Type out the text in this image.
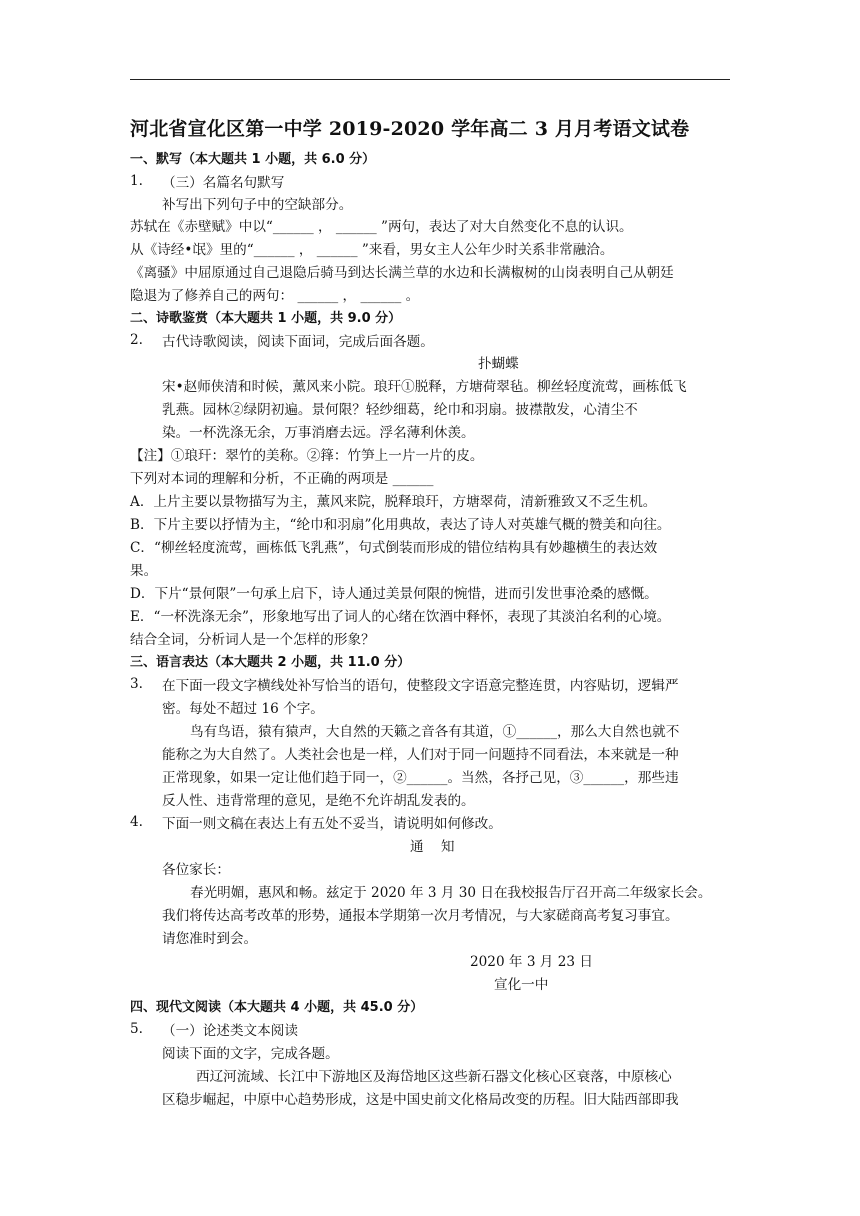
河北省宣化区第一中学 2019-2020 学年高二 3 月月考语文试卷
一、默写（本大题共 1 小题，共 6.0 分）
1. （三）名篇名句默写
补写出下列句子中的空缺部分。
苏轼在《赤壁赋》中以“______ ， ______ ”两句，表达了对大自然变化不息的认识。
从《诗经•氓》里的“______ ， ______ ”来看，男女主人公年少时关系非常融洽。
《离骚》中屈原通过自己退隐后骑马到达长满兰草的水边和长满椒树的山岗表明自己从朝廷
隐退为了修养自己的两句： ______ ， ______ 。
二、诗歌鉴赏（本大题共 1 小题，共 9.0 分）
2. 古代诗歌阅读，阅读下面词，完成后面各题。
扑蝴蝶
宋•赵师侠清和时候，薰风来小院。琅玕①脱释，方塘荷翠毡。柳丝轻度流莺，画栋低飞
乳燕。园林②绿阴初遍。景何限？轻纱细葛，纶巾和羽扇。披襟散发，心清尘不
染。一杯洗涤无余，万事消磨去远。浮名薄利休羡。
【注】①琅玕：翠竹的美称。②箨：竹笋上一片一片的皮。
下列对本词的理解和分析，不正确的两项是 ______
A．上片主要以景物描写为主，薰风来院，脱释琅玕，方塘翠荷，清新雅致又不乏生机。
B．下片主要以抒情为主，“纶巾和羽扇”化用典故，表达了诗人对英雄气概的赞美和向往。
C．“柳丝轻度流莺，画栋低飞乳燕”，句式倒装而形成的错位结构具有妙趣横生的表达效
果。
D．下片“景何限”一句承上启下，诗人通过美景何限的惋惜，进而引发世事沧桑的感慨。
E．“一杯洗涤无余”，形象地写出了词人的心绪在饮酒中释怀，表现了其淡泊名利的心境。
结合全词，分析词人是一个怎样的形象？
三、语言表达（本大题共 2 小题，共 11.0 分）
3. 在下面一段文字横线处补写恰当的语句，使整段文字语意完整连贯，内容贴切，逻辑严
密。每处不超过 16 个字。
鸟有鸟语，猿有猿声，大自然的天籁之音各有其道，①______，那么大自然也就不
能称之为大自然了。人类社会也是一样，人们对于同一问题持不同看法，本来就是一种
正常现象，如果一定让他们趋于同一，②______。当然，各抒己见，③______，那些违
反人性、违背常理的意见，是绝不允许胡乱发表的。
4. 下面一则文稿在表达上有五处不妥当，请说明如何修改。
通    知
各位家长：
春光明媚，惠风和畅。兹定于 2020 年 3 月 30 日在我校报告厅召开高二年级家长会。
我们将传达高考改革的形势，通报本学期第一次月考情况，与大家磋商高考复习事宜。
请您准时到会。
2020 年 3 月 23 日
宣化一中
四、现代文阅读（本大题共 4 小题，共 45.0 分）
5. （一）论述类文本阅读
阅读下面的文字，完成各题。
西辽河流域、长江中下游地区及海岱地区这些新石器文化核心区衰落，中原核心
区稳步崛起，中原中心趋势形成，这是中国史前文化格局改变的历程。旧大陆西部即我
